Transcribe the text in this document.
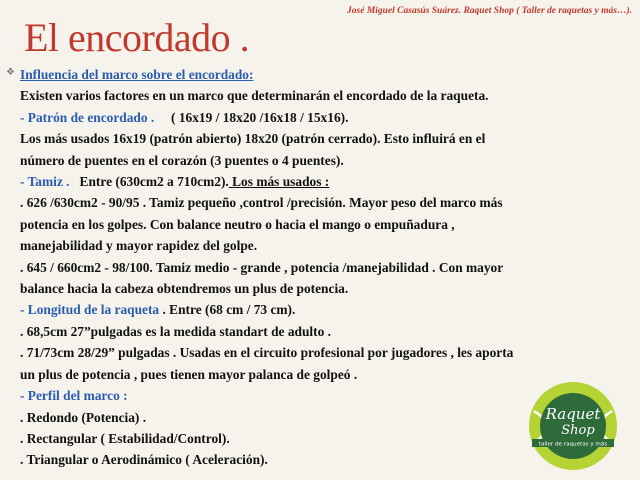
José Miguel Casasús Suárez. Raquet Shop ( Taller de raquetas y más…).
El encordado .
❖ Influencia del marco sobre el encordado:
Existen varios factores en un marco que determinarán el encordado de la raqueta.
- Patrón de encordado . ( 16x19 / 18x20 /16x18 / 15x16).
Los más usados 16x19 (patrón abierto) 18x20 (patrón cerrado). Esto influirá en el
número de puentes en el corazón (3 puentes o 4 puentes).
- Tamiz . Entre (630cm2 a 710cm2). Los más usados :
. 626 /630cm2 - 90/95 . Tamiz pequeño ,control /precisión. Mayor peso del marco más
potencia en los golpes. Con balance neutro o hacia el mango o empuñadura ,
manejabilidad y mayor rapidez del golpe.
. 645 / 660cm2 - 98/100. Tamiz medio - grande , potencia /manejabilidad . Con mayor
balance hacia la cabeza obtendremos un plus de potencia.
- Longitud de la raqueta . Entre (68 cm / 73 cm).
. 68,5cm 27”pulgadas es la medida standart de adulto .
. 71/73cm 28/29” pulgadas . Usadas en el circuito profesional por jugadores , les aporta
un plus de potencia , pues tienen mayor palanca de golpeó .
- Perfil del marco :
. Redondo (Potencia) .
. Rectangular ( Estabilidad/Control).
. Triangular o Aerodinámico ( Aceleración).
Raquet
Shop
taller de raquetas y más
